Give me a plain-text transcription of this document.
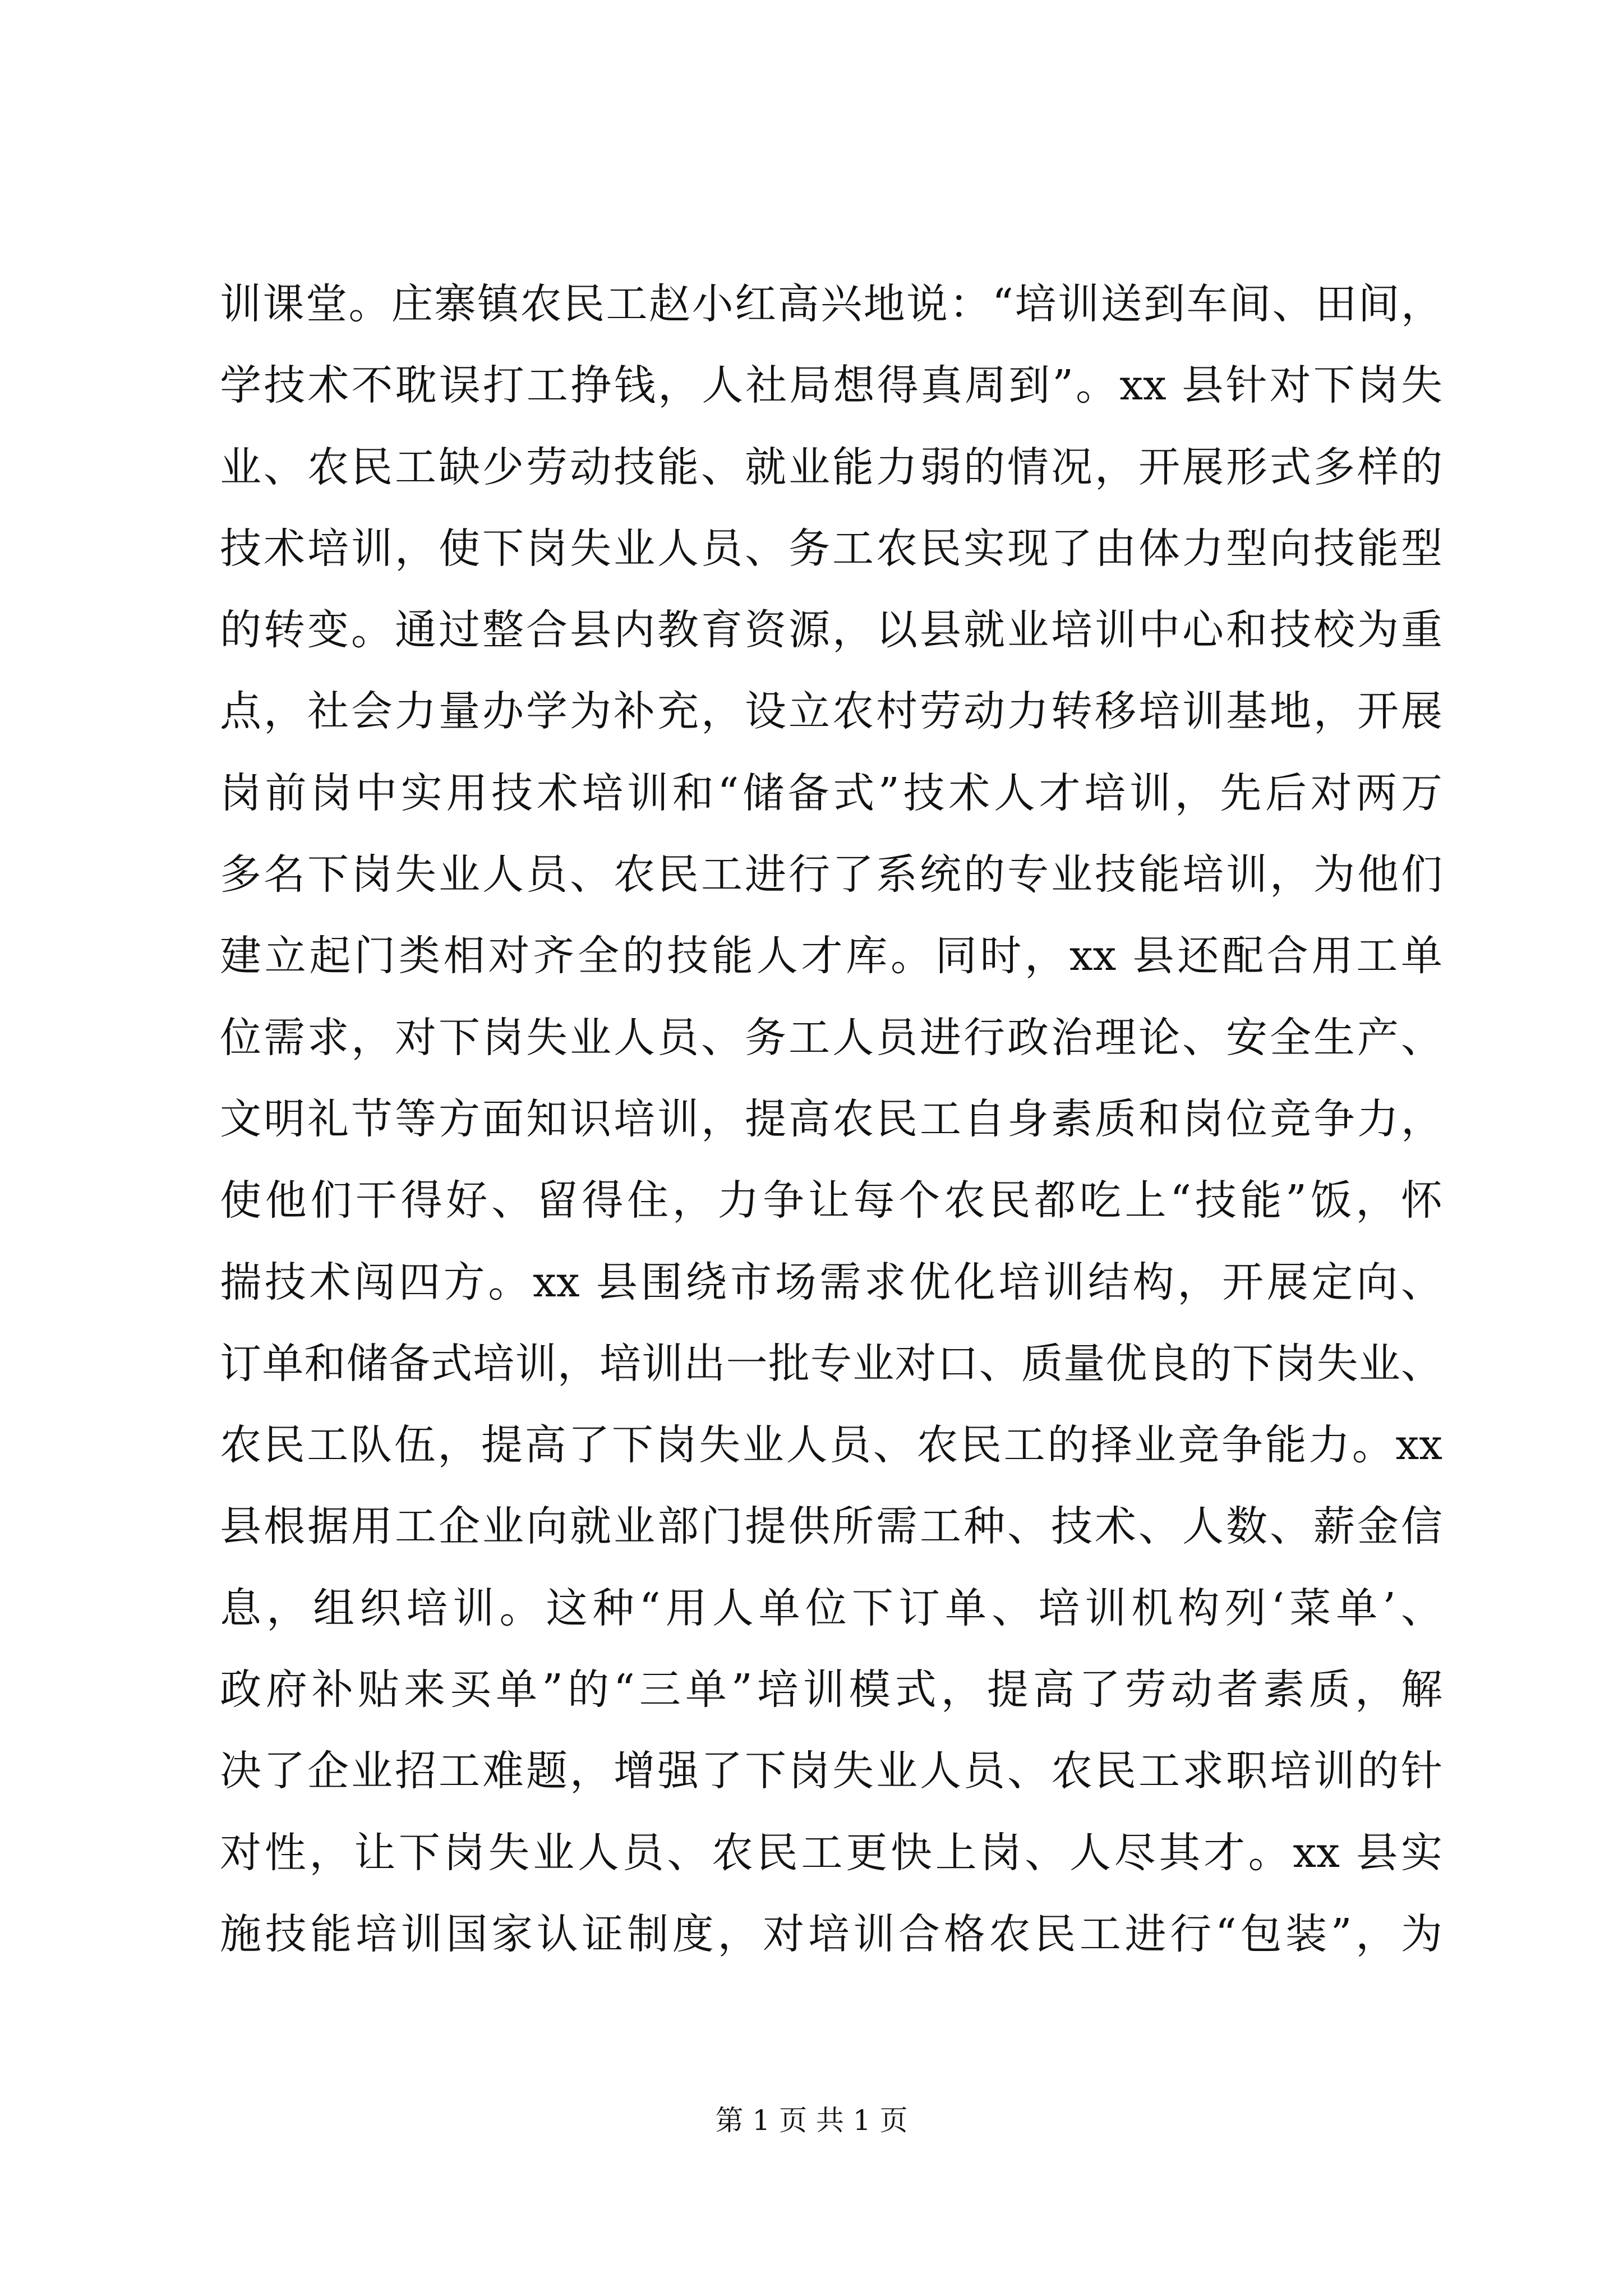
训课堂。庄寨镇农民工赵小红高兴地说：“培训送到车间、田间，
学技术不耽误打工挣钱，人社局想得真周到”。xx 县针对下岗失
业、农民工缺少劳动技能、就业能力弱的情况，开展形式多样的
技术培训，使下岗失业人员、务工农民实现了由体力型向技能型
的转变。通过整合县内教育资源，以县就业培训中心和技校为重
点，社会力量办学为补充，设立农村劳动力转移培训基地，开展
岗前岗中实用技术培训和“储备式”技术人才培训，先后对两万
多名下岗失业人员、农民工进行了系统的专业技能培训，为他们
建立起门类相对齐全的技能人才库。同时，xx 县还配合用工单
位需求，对下岗失业人员、务工人员进行政治理论、安全生产、
文明礼节等方面知识培训，提高农民工自身素质和岗位竞争力，
使他们干得好、留得住，力争让每个农民都吃上“技能”饭，怀
揣技术闯四方。xx 县围绕市场需求优化培训结构，开展定向、
订单和储备式培训，培训出一批专业对口、质量优良的下岗失业、
农民工队伍，提高了下岗失业人员、农民工的择业竞争能力。xx
县根据用工企业向就业部门提供所需工种、技术、人数、薪金信
息，组织培训。这种“用人单位下订单、培训机构列‘菜单’、
政府补贴来买单”的“三单”培训模式，提高了劳动者素质，解
决了企业招工难题，增强了下岗失业人员、农民工求职培训的针
对性，让下岗失业人员、农民工更快上岗、人尽其才。xx 县实
施技能培训国家认证制度，对培训合格农民工进行“包装”，为
第 1 页 共 1 页
